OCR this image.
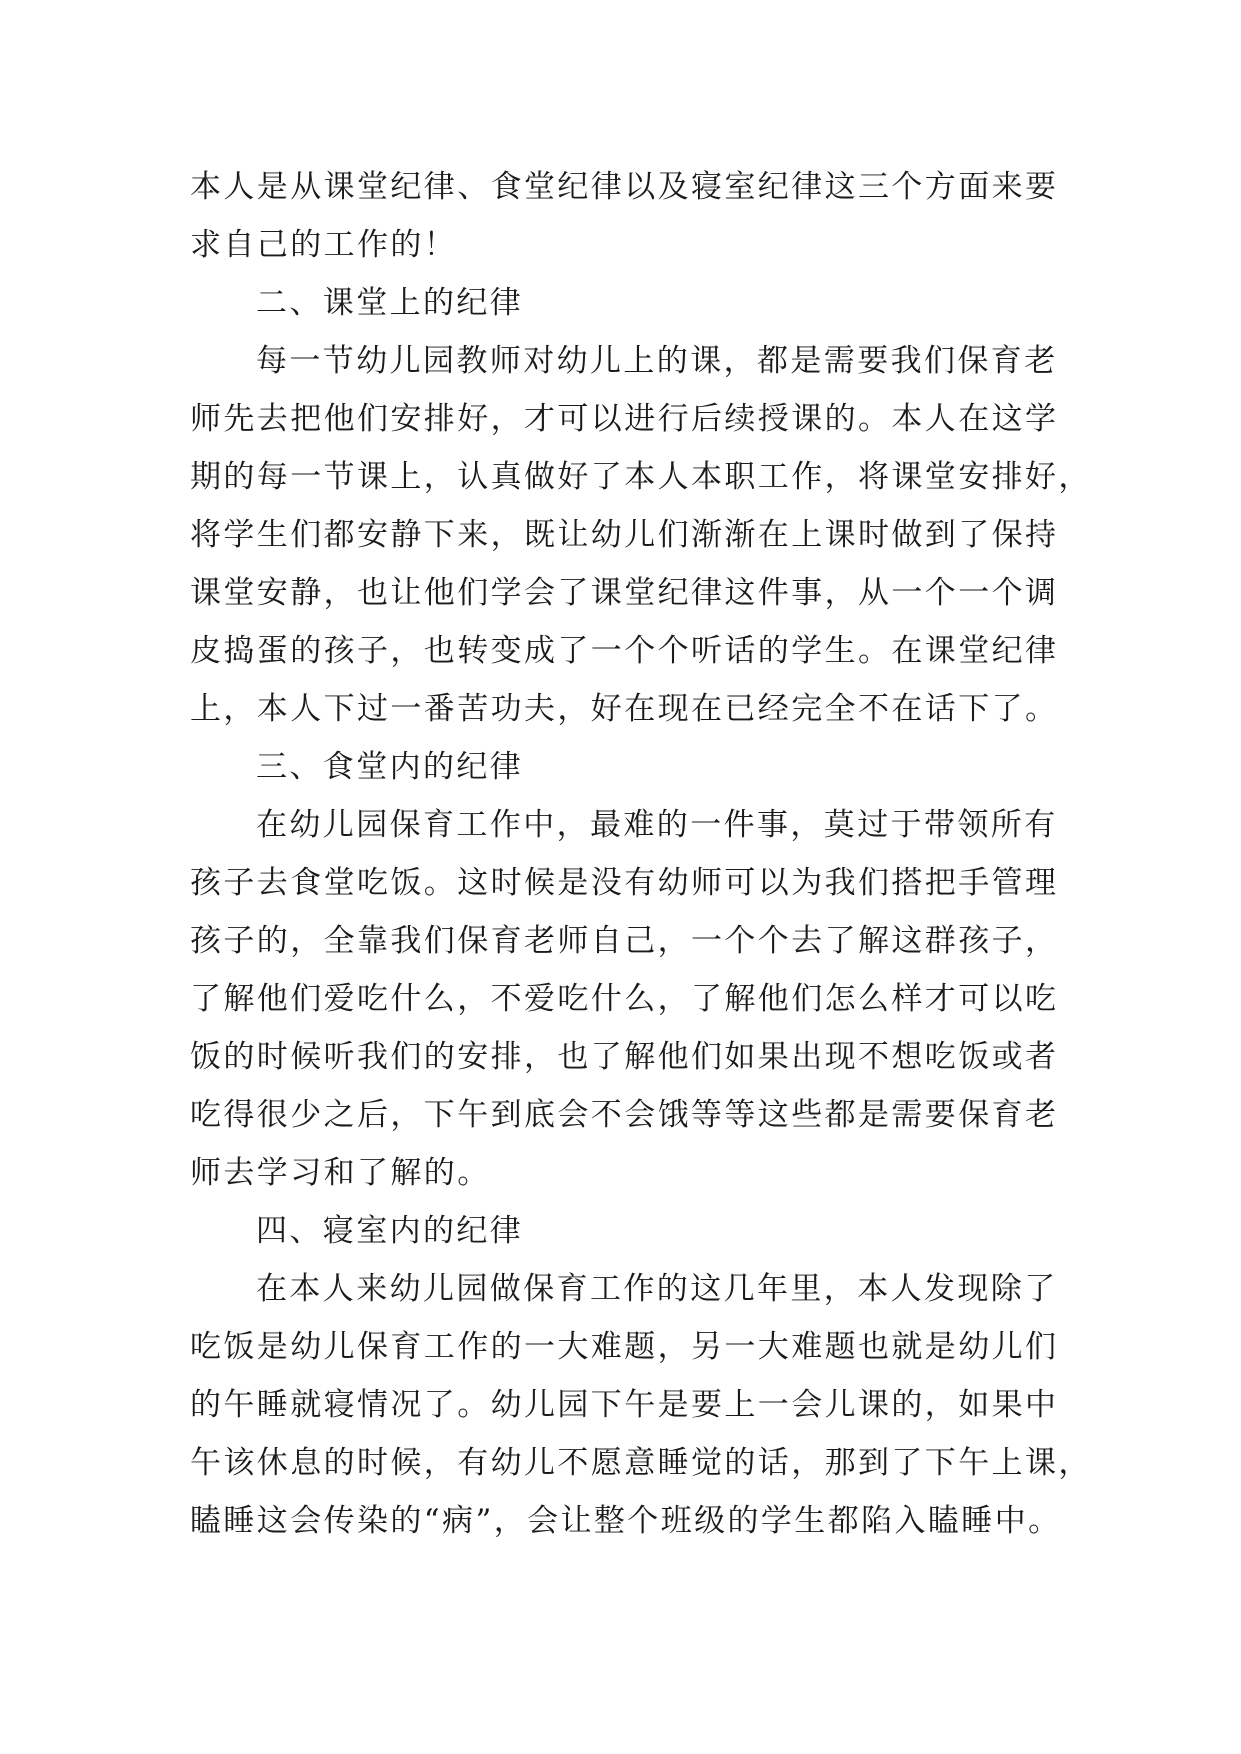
本人是从课堂纪律、食堂纪律以及寝室纪律这三个方面来要
求自己的工作的！
二、课堂上的纪律
每一节幼儿园教师对幼儿上的课，都是需要我们保育老
师先去把他们安排好，才可以进行后续授课的。本人在这学
期的每一节课上，认真做好了本人本职工作，将课堂安排好，
将学生们都安静下来，既让幼儿们渐渐在上课时做到了保持
课堂安静，也让他们学会了课堂纪律这件事，从一个一个调
皮捣蛋的孩子，也转变成了一个个听话的学生。在课堂纪律
上，本人下过一番苦功夫，好在现在已经完全不在话下了。
三、食堂内的纪律
在幼儿园保育工作中，最难的一件事，莫过于带领所有
孩子去食堂吃饭。这时候是没有幼师可以为我们搭把手管理
孩子的，全靠我们保育老师自己，一个个去了解这群孩子，
了解他们爱吃什么，不爱吃什么，了解他们怎么样才可以吃
饭的时候听我们的安排，也了解他们如果出现不想吃饭或者
吃得很少之后，下午到底会不会饿等等这些都是需要保育老
师去学习和了解的。
四、寝室内的纪律
在本人来幼儿园做保育工作的这几年里，本人发现除了
吃饭是幼儿保育工作的一大难题，另一大难题也就是幼儿们
的午睡就寝情况了。幼儿园下午是要上一会儿课的，如果中
午该休息的时候，有幼儿不愿意睡觉的话，那到了下午上课，
瞌睡这会传染的“病”，会让整个班级的学生都陷入瞌睡中。
